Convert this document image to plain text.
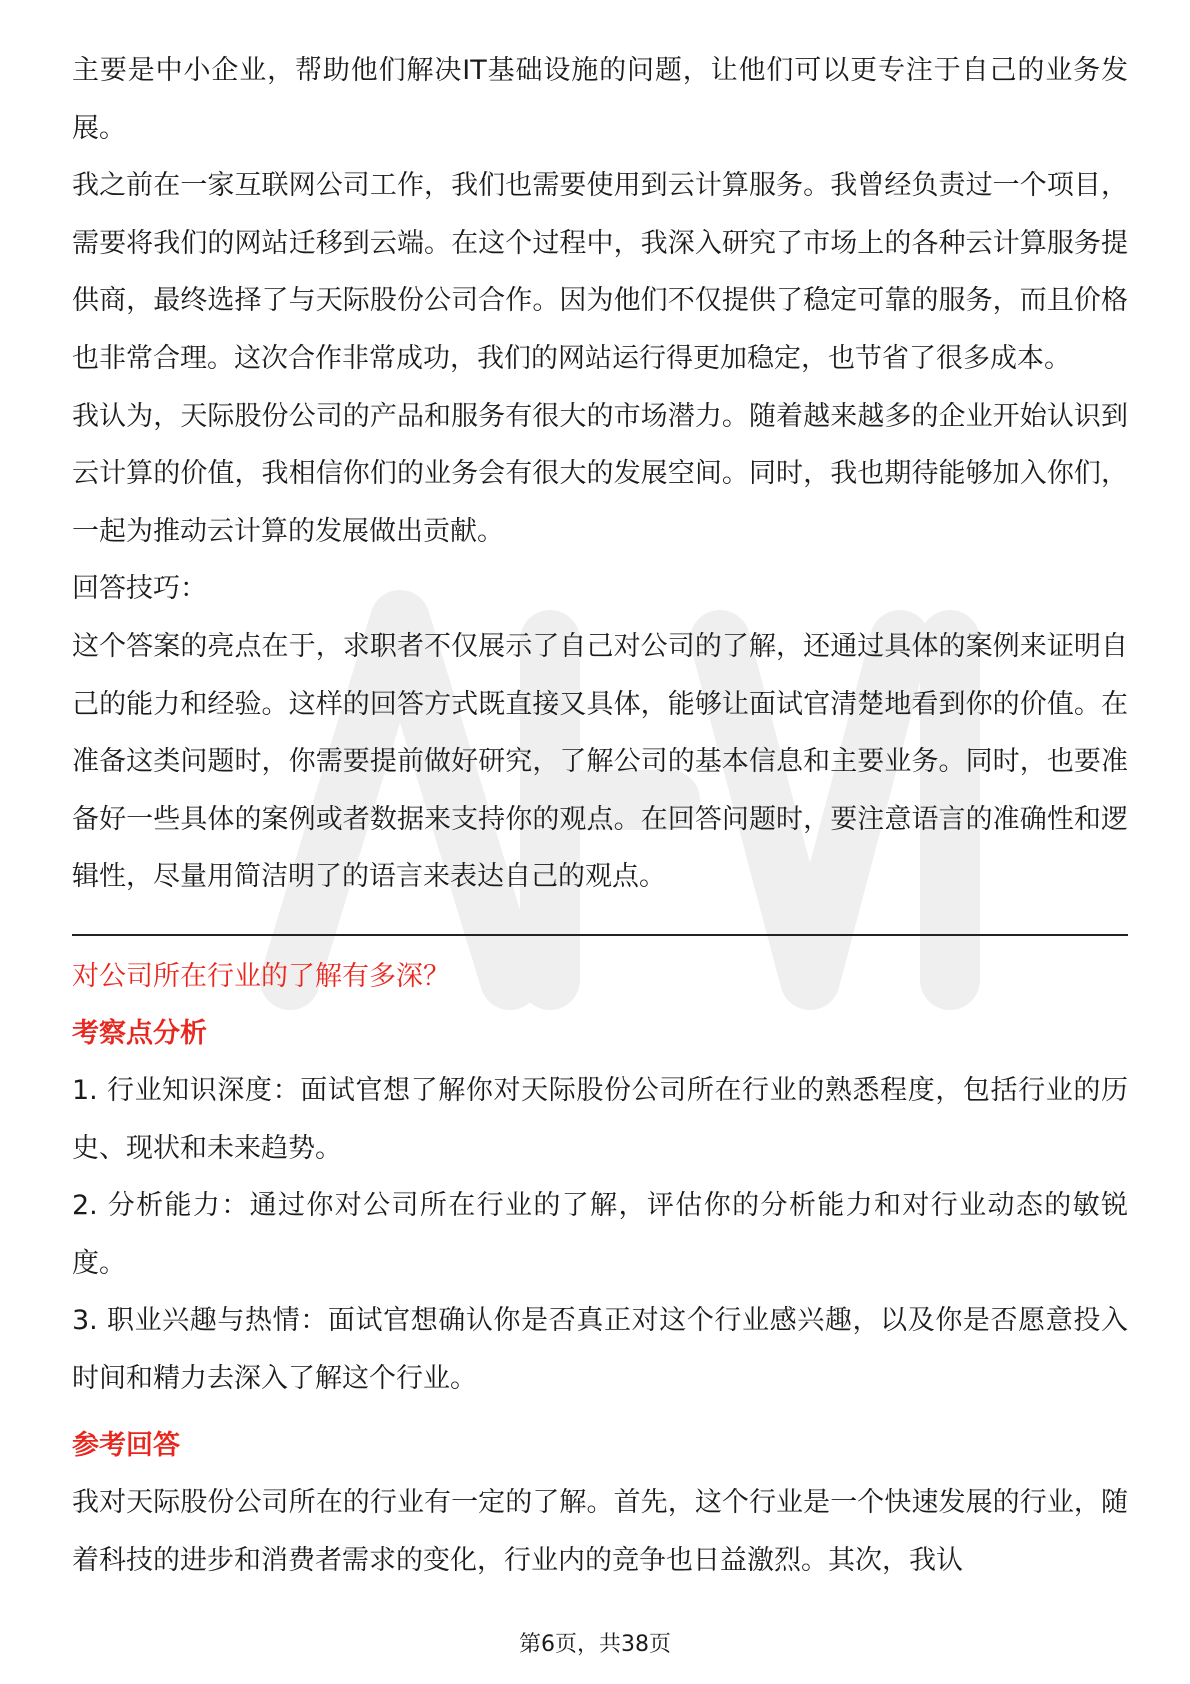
主要是中小企业，帮助他们解决IT基础设施的问题，让他们可以更专注于自己的业务发展。

我之前在一家互联网公司工作，我们也需要使用到云计算服务。我曾经负责过一个项目，需要将我们的网站迁移到云端。在这个过程中，我深入研究了市场上的各种云计算服务提供商，最终选择了与天际股份公司合作。因为他们不仅提供了稳定可靠的服务，而且价格也非常合理。这次合作非常成功，我们的网站运行得更加稳定，也节省了很多成本。

我认为，天际股份公司的产品和服务有很大的市场潜力。随着越来越多的企业开始认识到云计算的价值，我相信你们的业务会有很大的发展空间。同时，我也期待能够加入你们，一起为推动云计算的发展做出贡献。

回答技巧：

这个答案的亮点在于，求职者不仅展示了自己对公司的了解，还通过具体的案例来证明自己的能力和经验。这样的回答方式既直接又具体，能够让面试官清楚地看到你的价值。在准备这类问题时，你需要提前做好研究，了解公司的基本信息和主要业务。同时，也要准备好一些具体的案例或者数据来支持你的观点。在回答问题时，要注意语言的准确性和逻辑性，尽量用简洁明了的语言来表达自己的观点。

对公司所在行业的了解有多深？

考察点分析

1. 行业知识深度：面试官想了解你对天际股份公司所在行业的熟悉程度，包括行业的历史、现状和未来趋势。

2. 分析能力：通过你对公司所在行业的了解，评估你的分析能力和对行业动态的敏锐度。

3. 职业兴趣与热情：面试官想确认你是否真正对这个行业感兴趣，以及你是否愿意投入时间和精力去深入了解这个行业。

参考回答

我对天际股份公司所在的行业有一定的了解。首先，这个行业是一个快速发展的行业，随着科技的进步和消费者需求的变化，行业内的竞争也日益激烈。其次，我认

第6页，共38页
